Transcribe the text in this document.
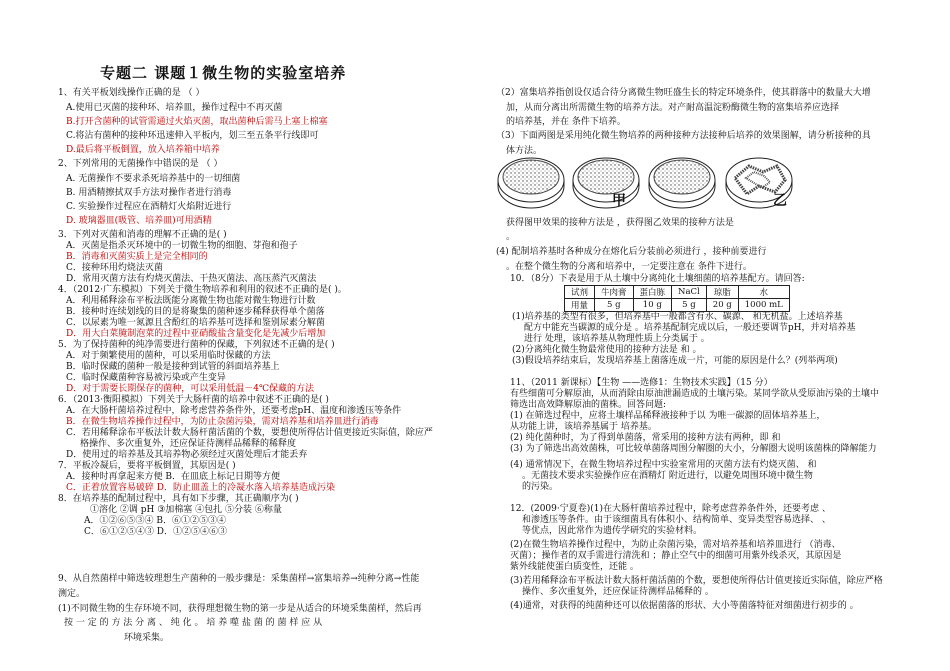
专题二 课题１微生物的实验室培养
甲	乙
试剂	牛肉膏	蛋白胨	NaCl	琼脂	水
用量	5 g	10 g	5 g	20 g	1000 mL
1、有关平板划线操作正确的是 （ ）
A.使用已灭菌的接种环、培养皿，操作过程中不再灭菌
B.打开含菌种的试管需通过火焰灭菌，取出菌种后需马上塞上棉塞
C.将沾有菌种的接种环迅速伸入平板内，划三至五条平行线即可
D.最后将平板倒置，放入培养箱中培养
2、下列常用的无菌操作中错误的是 （ ）
A. 无菌操作不要求杀死培养基中的一切细菌
B. 用酒精擦拭双手方法对操作者进行消毒
C. 实验操作过程应在酒精灯火焰附近进行
D. 玻璃器皿(吸管、培养皿)可用酒精
3．下列对灭菌和消毒的理解不正确的是( )
A．灭菌是指杀灭环境中的一切微生物的细胞、芽孢和孢子
B．消毒和灭菌实质上是完全相同的
C．接种环用灼烧法灭菌
D．常用灭菌方法有灼烧灭菌法、干热灭菌法、高压蒸汽灭菌法
4．（2012·广东模拟）下列关于微生物培养和利用的叙述不正确的是( )。
A．利用稀释涂布平板法既能分离微生物也能对微生物进行计数
B．接种时连续划线的目的是将聚集的菌种逐步稀释获得单个菌落
C．以尿素为唯一氮源且含酚红的培养基可选择和鉴别尿素分解菌
D．用大白菜腌制泡菜的过程中亚硝酸盐含量变化是先减少后增加
5．为了保持菌种的纯净需要进行菌种的保藏，下列叙述不正确的是( )
A．对于频繁使用的菌种，可以采用临时保藏的方法
B．临时保藏的菌种一般是接种到试管的斜面培养基上
C．临时保藏菌种容易被污染或产生变异
D．对于需要长期保存的菌种，可以采用低温－4℃保藏的方法
6．（2013·衡阳模拟）下列关于大肠杆菌的培养中叙述不正确的是( )
A．在大肠杆菌培养过程中，除考虑营养条件外，还要考虑pH、温度和渗透压等条件
B．在微生物培养操作过程中，为防止杂菌污染，需对培养基和培养皿进行消毒
C．若用稀释涂布平板法计数大肠杆菌活菌的个数，要想使所得估计值更接近实际值，除应严
格操作、多次重复外，还应保证待测样品稀释的稀释度
D．使用过的培养基及其培养物必须经过灭菌处理后才能丢弃
7．平板冷凝后，要将平板倒置，其原因是( )
A．接种时再拿起来方便 B．在皿底上标记日期等方便
C．正着放置容易破碎 D．防止皿盖上的冷凝水落入培养基造成污染
8．在培养基的配制过程中，具有如下步骤，其正确顺序为( )
①溶化 ②调 pH ③加棉塞 ④包扎 ⑤分装 ⑥称量
A．①②⑥⑤③④ B．⑥①②⑤③④
C．⑥①②⑤④③ D．①②⑤④⑥③
9、从自然菌样中筛选较理想生产菌种的一般步骤是：采集菌样→富集培养→纯种分离→性能
测定。
(1)不同微生物的生存环境不同，获得理想微生物的第一步是从适合的环境采集菌样，然后再
按 一 定 的 方 法 分 离 、 纯 化 。 培 养 噬 盐 菌 的 菌 样 应 从
环境采集。
（2）富集培养指创设仅适合待分离微生物旺盛生长的特定环境条件，使其群落中的数量大大增
加，从而分离出所需微生物的培养方法。对产耐高温淀粉酶微生物的富集培养应选择
的培养基，并在 条件下培养。
（3）下面两图是采用纯化微生物培养的两种接种方法接种后培养的效果图解，请分析接种的具
体方法。
获得图甲效果的接种方法是 ，获得图乙效果的接种方法是
。
(4) 配制培养基时各种成分在熔化后分装前必须进行 ，接种前要进行
。在整个微生物的分离和培养中，一定要注意在 条件下进行。
10．（8分）下表是用于从土壤中分离纯化土壤细菌的培养基配方。请回答:
(1)培养基的类型有很多，但培养基中一般都含有水、碳源、 和无机盐。上述培养基
配方中能充当碳源的成分是 。培养基配制完成以后，一般还要调节pH，并对培养基
进行 处理，该培养基从物理性质上分类属于 。
(2)分离纯化微生物最常使用的接种方法是 和 。
(3)假设培养结束后，发现培养基上菌落连成一片，可能的原因是什么？(列举两项)
11、（2011 新课标）【生物 ——选修1：生物技术实践】（15 分）
有些细菌可分解原油，从而消除由原油泄漏造成的土壤污染。某同学欲从受原油污染的土壤中
筛选出高效降解原油的菌株。回答问题:
(1) 在筛选过程中，应将土壤样品稀释液接种于以 为唯一碳源的固体培养基上，
从功能上讲，该培养基属于 培养基。
(2) 纯化菌种时，为了得到单菌落，常采用的接种方法有两种，即 和
(3) 为了筛选出高效菌株，可比较单菌落周围分解圈的大小，分解圈大说明该菌株的降解能力
(4) 通常情况下，在微生物培养过程中实验室常用的灭菌方法有灼烧灭菌、 和
。无菌技术要求实验操作应在酒精灯 附近进行，以避免周围环境中微生物
的污染。
12．(2009·宁夏卷)(1)在大肠杆菌培养过程中，除考虑营养条件外，还要考虑 、
和渗透压等条件。由于该细菌具有体积小、结构简单、变异类型容易选择、 、
等优点，因此常作为遗传学研究的实验材料。
(2)在微生物培养操作过程中，为防止杂菌污染，需对培养基和培养皿进行 （消毒、
灭菌）；操作者的双手需进行清洗和 ；静止空气中的细菌可用紫外线杀灭，其原因是
紫外线能使蛋白质变性，还能 。
(3)若用稀释涂布平板法计数大肠杆菌活菌的个数，要想使所得估计值更接近实际值，除应严格
操作、多次重复外，还应保证待测样品稀释的 。
(4)通常，对获得的纯菌种还可以依据菌落的形状、大小等菌落特征对细菌进行初步的 。
